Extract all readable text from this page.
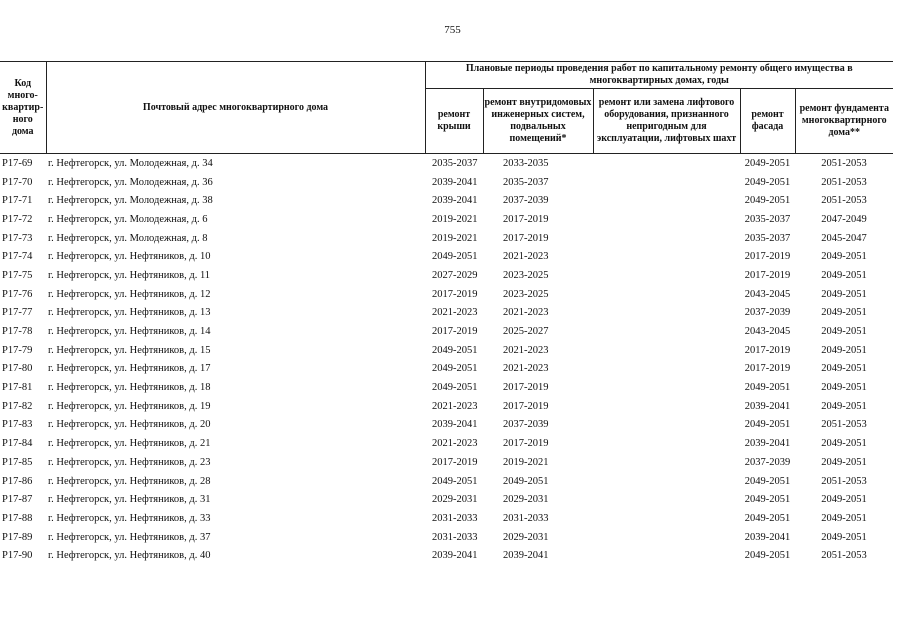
755
Код много-квартир-ного дома	Почтовый адрес многоквартирного дома	Плановые периоды проведения работ по капитальному ремонту общего имущества в многоквартирных домах, годы				
		ремонт крыши	ремонт внутридомовых инженерных систем, подвальных помещений*	ремонт или замена лифтового оборудования, признанного непригодным для эксплуатации, лифтовых шахт	ремонт фасада	ремонт фундамента многоквартирного дома**
P17-69	г. Нефтегорск, ул. Молодежная, д. 34	2035-2037	2033-2035		2049-2051	2051-2053
P17-70	г. Нефтегорск, ул. Молодежная, д. 36	2039-2041	2035-2037		2049-2051	2051-2053
P17-71	г. Нефтегорск, ул. Молодежная, д. 38	2039-2041	2037-2039		2049-2051	2051-2053
P17-72	г. Нефтегорск, ул. Молодежная, д. 6	2019-2021	2017-2019		2035-2037	2047-2049
P17-73	г. Нефтегорск, ул. Молодежная, д. 8	2019-2021	2017-2019		2035-2037	2045-2047
P17-74	г. Нефтегорск, ул. Нефтяников, д. 10	2049-2051	2021-2023		2017-2019	2049-2051
P17-75	г. Нефтегорск, ул. Нефтяников, д. 11	2027-2029	2023-2025		2017-2019	2049-2051
P17-76	г. Нефтегорск, ул. Нефтяников, д. 12	2017-2019	2023-2025		2043-2045	2049-2051
P17-77	г. Нефтегорск, ул. Нефтяников, д. 13	2021-2023	2021-2023		2037-2039	2049-2051
P17-78	г. Нефтегорск, ул. Нефтяников, д. 14	2017-2019	2025-2027		2043-2045	2049-2051
P17-79	г. Нефтегорск, ул. Нефтяников, д. 15	2049-2051	2021-2023		2017-2019	2049-2051
P17-80	г. Нефтегорск, ул. Нефтяников, д. 17	2049-2051	2021-2023		2017-2019	2049-2051
P17-81	г. Нефтегорск, ул. Нефтяников, д. 18	2049-2051	2017-2019		2049-2051	2049-2051
P17-82	г. Нефтегорск, ул. Нефтяников, д. 19	2021-2023	2017-2019		2039-2041	2049-2051
P17-83	г. Нефтегорск, ул. Нефтяников, д. 20	2039-2041	2037-2039		2049-2051	2051-2053
P17-84	г. Нефтегорск, ул. Нефтяников, д. 21	2021-2023	2017-2019		2039-2041	2049-2051
P17-85	г. Нефтегорск, ул. Нефтяников, д. 23	2017-2019	2019-2021		2037-2039	2049-2051
P17-86	г. Нефтегорск, ул. Нефтяников, д. 28	2049-2051	2049-2051		2049-2051	2051-2053
P17-87	г. Нефтегорск, ул. Нефтяников, д. 31	2029-2031	2029-2031		2049-2051	2049-2051
P17-88	г. Нефтегорск, ул. Нефтяников, д. 33	2031-2033	2031-2033		2049-2051	2049-2051
P17-89	г. Нефтегорск, ул. Нефтяников, д. 37	2031-2033	2029-2031		2039-2041	2049-2051
P17-90	г. Нефтегорск, ул. Нефтяников, д. 40	2039-2041	2039-2041		2049-2051	2051-2053
